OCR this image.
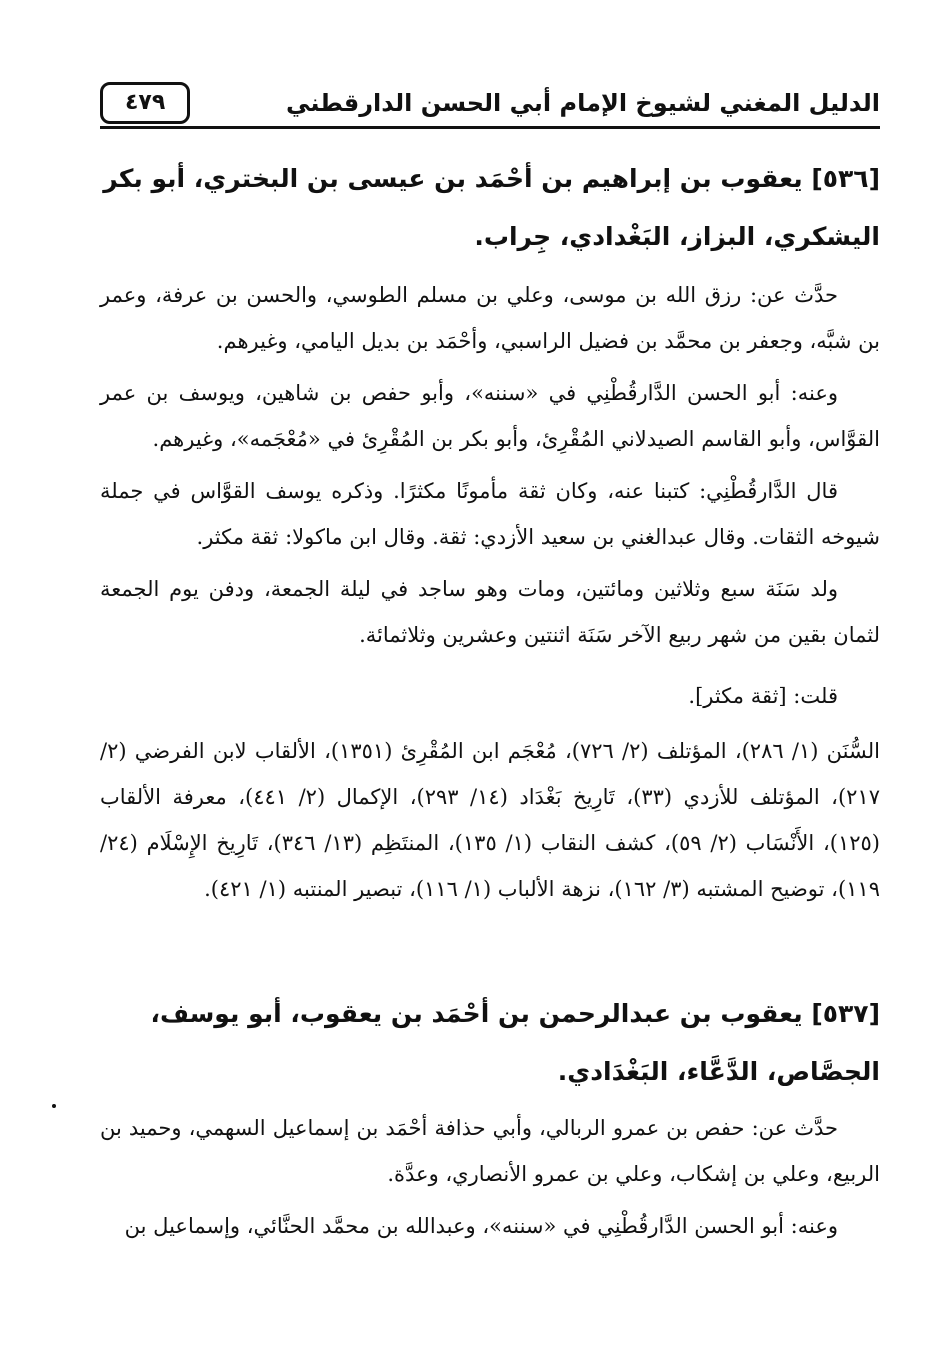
الدليل المغني لشيوخ الإمام أبي الحسن الدارقطني
٤٧٩
[٥٣٦] يعقوب بن إبراهيم بن أحْمَد بن عيسى بن البختري، أبو بكر اليشكري، البزاز، البَغْدادي، جِراب.
حدَّث عن: رزق الله بن موسى، وعلي بن مسلم الطوسي، والحسن بن عرفة، وعمر بن شبَّه، وجعفر بن محمَّد بن فضيل الراسبي، وأحْمَد بن بديل اليامي، وغيرهم.
وعنه: أبو الحسن الدَّارقُطْنِي في «سننه»، وأبو حفص بن شاهين، ويوسف بن عمر القوَّاس، وأبو القاسم الصيدلاني المُقْرِئ، وأبو بكر بن المُقْرِئ في «مُعْجَمه»، وغيرهم.
قال الدَّارقُطْنِي: كتبنا عنه، وكان ثقة مأمونًا مكثرًا. وذكره يوسف القوَّاس في جملة شيوخه الثقات. وقال عبدالغني بن سعيد الأزدي: ثقة. وقال ابن ماكولا: ثقة مكثر.
ولد سَنَة سبع وثلاثين ومائتين، ومات وهو ساجد في ليلة الجمعة، ودفن يوم الجمعة لثمان بقين من شهر ربيع الآخر سَنَة اثنتين وعشرين وثلاثمائة.
قلت: [ثقة مكثر].
السُّنَن (١/ ٢٨٦)، المؤتلف (٢/ ٧٢٦)، مُعْجَم ابن المُقْرِئ (١٣٥١)، الألقاب لابن الفرضي (٢/ ٢١٧)، المؤتلف للأزدي (٣٣)، تَارِيخ بَغْدَاد (١٤/ ٢٩٣)، الإكمال (٢/ ٤٤١)، معرفة الألقاب (١٢٥)، الأَنْسَاب (٢/ ٥٩)، كشف النقاب (١/ ١٣٥)، المنتَظِم (١٣/ ٣٤٦)، تَارِيخ الإِسْلَام (٢٤/ ١١٩)، توضيح المشتبه (٣/ ١٦٢)، نزهة الألباب (١/ ١١٦)، تبصير المنتبه (١/ ٤٢١).
[٥٣٧] يعقوب بن عبدالرحمن بن أحْمَد بن يعقوب، أبو يوسف، الجصَّاص، الدَّعَّاء، البَغْدَادي.
حدَّث عن: حفص بن عمرو الربالي، وأبي حذافة أحْمَد بن إسماعيل السهمي، وحميد بن الربيع، وعلي بن إشكاب، وعلي بن عمرو الأنصاري، وعدَّة.
وعنه: أبو الحسن الدَّارقُطْنِي في «سننه»، وعبدالله بن محمَّد الحنَّائي، وإسماعيل بن
